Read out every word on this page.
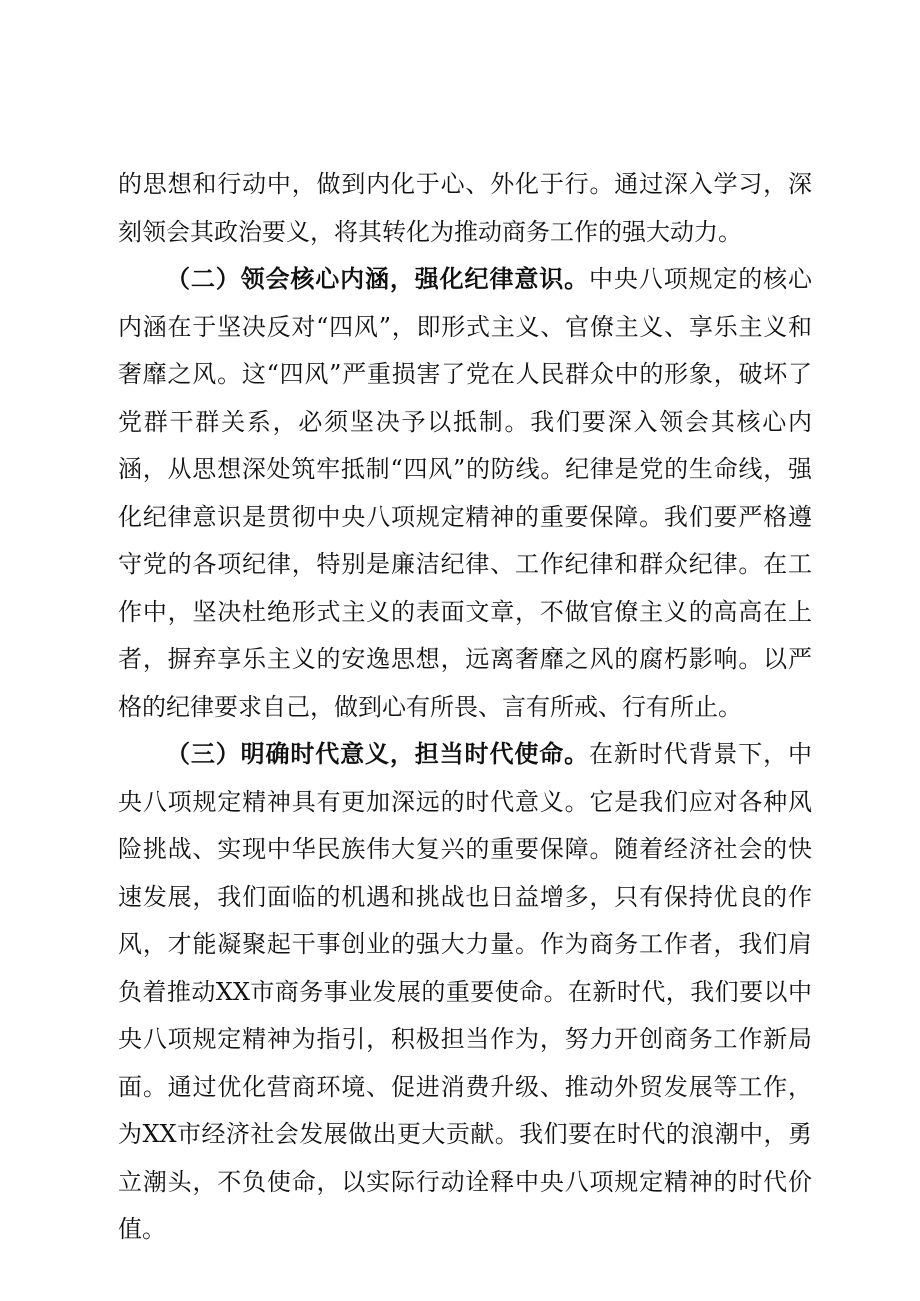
的思想和行动中，做到内化于心、外化于行。通过深入学习，深刻领会其政治要义，将其转化为推动商务工作的强大动力。

（二）领会核心内涵，强化纪律意识。中央八项规定的核心内涵在于坚决反对“四风”，即形式主义、官僚主义、享乐主义和奢靡之风。这“四风”严重损害了党在人民群众中的形象，破坏了党群干群关系，必须坚决予以抵制。我们要深入领会其核心内涵，从思想深处筑牢抵制“四风”的防线。纪律是党的生命线，强化纪律意识是贯彻中央八项规定精神的重要保障。我们要严格遵守党的各项纪律，特别是廉洁纪律、工作纪律和群众纪律。在工作中，坚决杜绝形式主义的表面文章，不做官僚主义的高高在上者，摒弃享乐主义的安逸思想，远离奢靡之风的腐朽影响。以严格的纪律要求自己，做到心有所畏、言有所戒、行有所止。

（三）明确时代意义，担当时代使命。在新时代背景下，中央八项规定精神具有更加深远的时代意义。它是我们应对各种风险挑战、实现中华民族伟大复兴的重要保障。随着经济社会的快速发展，我们面临的机遇和挑战也日益增多，只有保持优良的作风，才能凝聚起干事创业的强大力量。作为商务工作者，我们肩负着推动XX市商务事业发展的重要使命。在新时代，我们要以中央八项规定精神为指引，积极担当作为，努力开创商务工作新局面。通过优化营商环境、促进消费升级、推动外贸发展等工作，为XX市经济社会发展做出更大贡献。我们要在时代的浪潮中，勇立潮头，不负使命，以实际行动诠释中央八项规定精神的时代价值。
